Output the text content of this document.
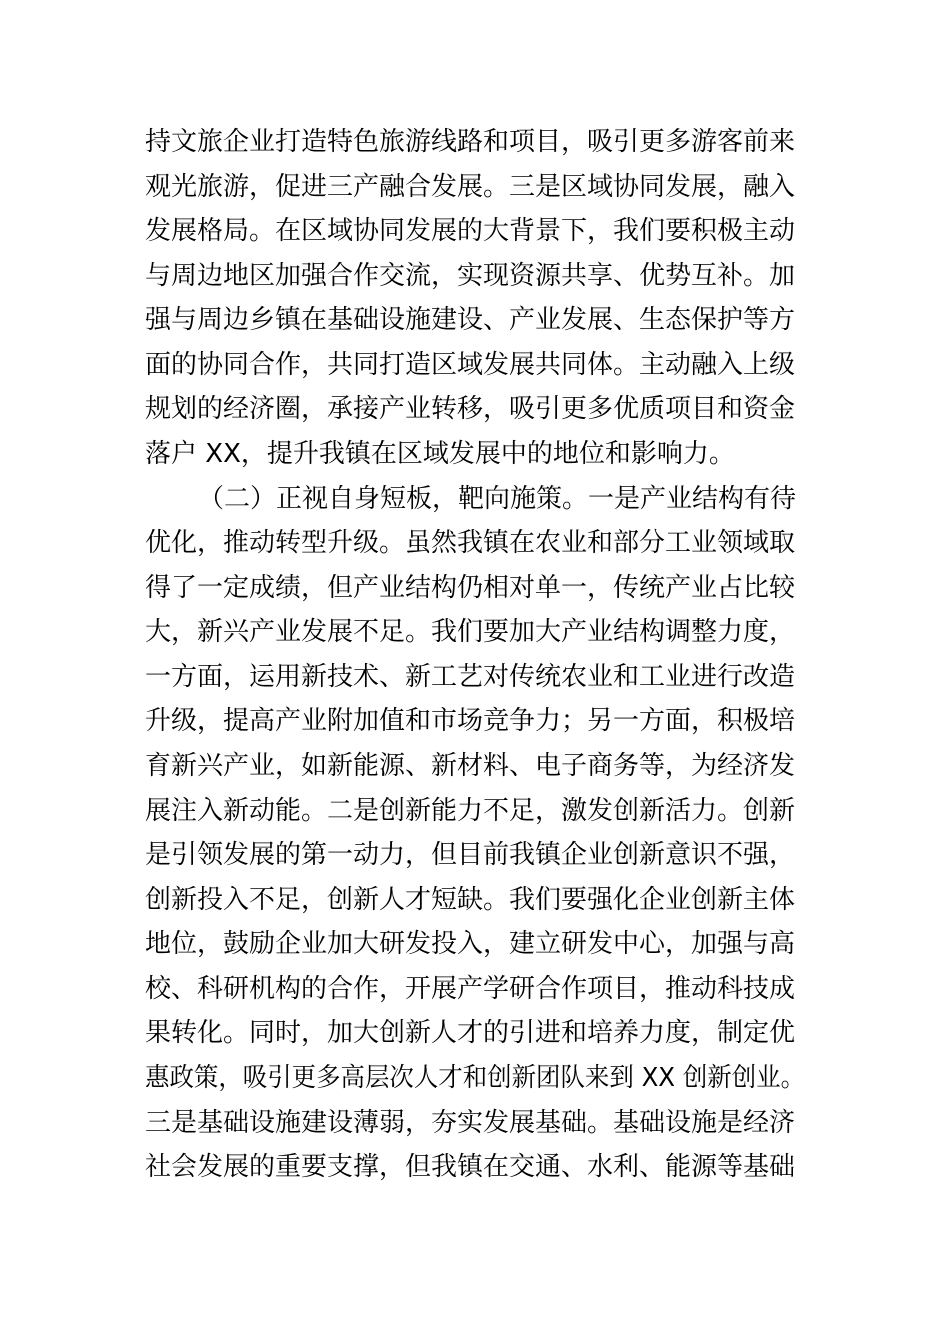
持文旅企业打造特色旅游线路和项目，吸引更多游客前来
观光旅游，促进三产融合发展。三是区域协同发展，融入
发展格局。在区域协同发展的大背景下，我们要积极主动
与周边地区加强合作交流，实现资源共享、优势互补。加
强与周边乡镇在基础设施建设、产业发展、生态保护等方
面的协同合作，共同打造区域发展共同体。主动融入上级
规划的经济圈，承接产业转移，吸引更多优质项目和资金
落户 XX，提升我镇在区域发展中的地位和影响力。
（二）正视自身短板，靶向施策。一是产业结构有待
优化，推动转型升级。虽然我镇在农业和部分工业领域取
得了一定成绩，但产业结构仍相对单一，传统产业占比较
大，新兴产业发展不足。我们要加大产业结构调整力度，
一方面，运用新技术、新工艺对传统农业和工业进行改造
升级，提高产业附加值和市场竞争力；另一方面，积极培
育新兴产业，如新能源、新材料、电子商务等，为经济发
展注入新动能。二是创新能力不足，激发创新活力。创新
是引领发展的第一动力，但目前我镇企业创新意识不强，
创新投入不足，创新人才短缺。我们要强化企业创新主体
地位，鼓励企业加大研发投入，建立研发中心，加强与高
校、科研机构的合作，开展产学研合作项目，推动科技成
果转化。同时，加大创新人才的引进和培养力度，制定优
惠政策，吸引更多高层次人才和创新团队来到 XX 创新创业。
三是基础设施建设薄弱，夯实发展基础。基础设施是经济
社会发展的重要支撑，但我镇在交通、水利、能源等基础
